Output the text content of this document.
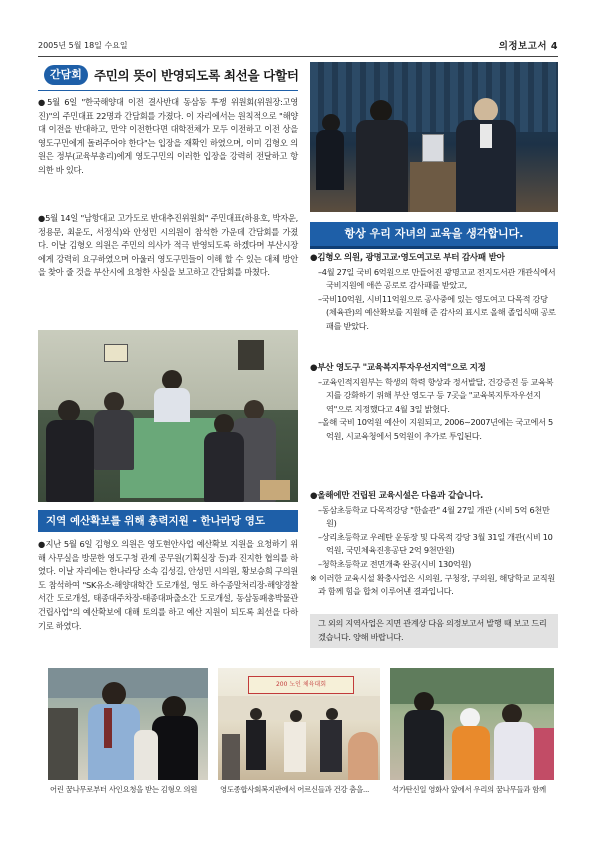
2005년 5월 18일 수요일	의정보고서 4
간담회 주민의 뜻이 반영되도록 최선을 다할터
●5월 6일 "한국해양대 이전 결사반대 동삼동 투쟁 위원회(위원장:고영진)"의 주민대표 22명과 간담회를 가졌다. 이 자리에서는 원칙적으로 "해양대 이전을 반대하고, 만약 이전한다면 대학전체가 모두 이전하고 이전 상을 영도구민에게 돌려주어야 한다"는 입장을 재확인 하였으며, 이미 김형오 의원은 정부(교육부총리)에게 영도구민의 이러한 입장을 강력히 전달하고 항의한 바 있다.
●5월 14일 "남항대교 고가도로 반대추진위원회" 주민대표(하용호, 박자운, 정용문, 최윤도, 서정식)와 안성민 시의원이 참석한 가운데 간담회를 가졌다. 이날 김형오 의원은 주민의 의사가 적극 반영되도록 하겠다며 부산시장에게 강력히 요구하였으며 아울러 영도구민들이 이해 할 수 있는 대체 방안을 찾아 줄 것을 부산시에 요청한 사실을 보고하고 간담회를 마쳤다.
지역 예산확보를 위해 총력지원 - 한나라당 영도
●지난 5월 6일 김형오 의원은 영도현안사업 예산확보 지원을 요청하기 위해 사무실을 방문한 영도구청 관계 공무원(기획실장 등)과 진지한 협의를 하였다. 이날 자리에는 한나라당 소속 김성길, 안성민 시의원, 황보승희 구의원도 참석하여 "SK유소-해양대학간 도로개설, 영도 하수종말처리장-해양경찰서간 도로개설, 태종대주차장-태종대파출소간 도로개설, 동삼동패총박물관 건립사업"의 예산확보에 대해 토의를 하고 예산 지원이 되도록 최선을 다하기로 하였다.
항상 우리 자녀의 교육을 생각합니다.
●김형오 의원, 광명고교·영도여고로 부터 감사패 받아
–4월 27일 국비 6억원으로 만들어진 광명고교 전지도서관 개관식에서 국비지원에 애쓴 공로로 감사패를 받았고,
–국비10억원, 시비11억원으로 공사중에 있는 영도여고 다목적 강당(체육관)의 예산확보를 지원해 준 감사의 표시로 올해 졸업식때 공로패를 받았다.
●부산 영도구 "교육복지투자우선지역"으로 지정
–교육인적지원부는 학생의 학력 향상과 정서발달, 건강증진 등 교육복지를 강화하기 위해 부산 영도구 등 7곳을 "교육복지투자우선지역"으로 지정했다고 4월 3일 밝혔다.
–올해 국비 10억원 예산이 지원되고, 2006~2007년에는 국고에서 5억원, 시교육청에서 5억원이 추가로 투입된다.
●올해에만 건립된 교육시설은 다음과 같습니다.
–동삼초등학교 다목적강당 "한솔관" 4월 27일 개관 (시비 5억 6천만원)
–상리초등학교 우레탄 운동장 및 다목적 강당 3월 31일 개관(시비 10억원, 국민체육진흥공단 2억 9천만원)
–청학초등학교 전면개축 완공(시비 130억원)
※ 이러한 교육시설 확충사업은 시의원, 구청장, 구의원, 해당학교 교직원과 함께 힘을 합쳐 이루어낸 결과입니다.
그 외의 지역사업은 지면 관계상 다음 의정보고서 발행 때 보고 드리겠습니다. 양해 바랍니다.
200 노인 체육대회
어린 꿈나무로부터 사인요청을 받는 김형오 의원	영도종합사회복지관에서 어르신들과 건강 춤을...	석가탄신일 영화사 앞에서 우리의 꿈나무들과 함께
